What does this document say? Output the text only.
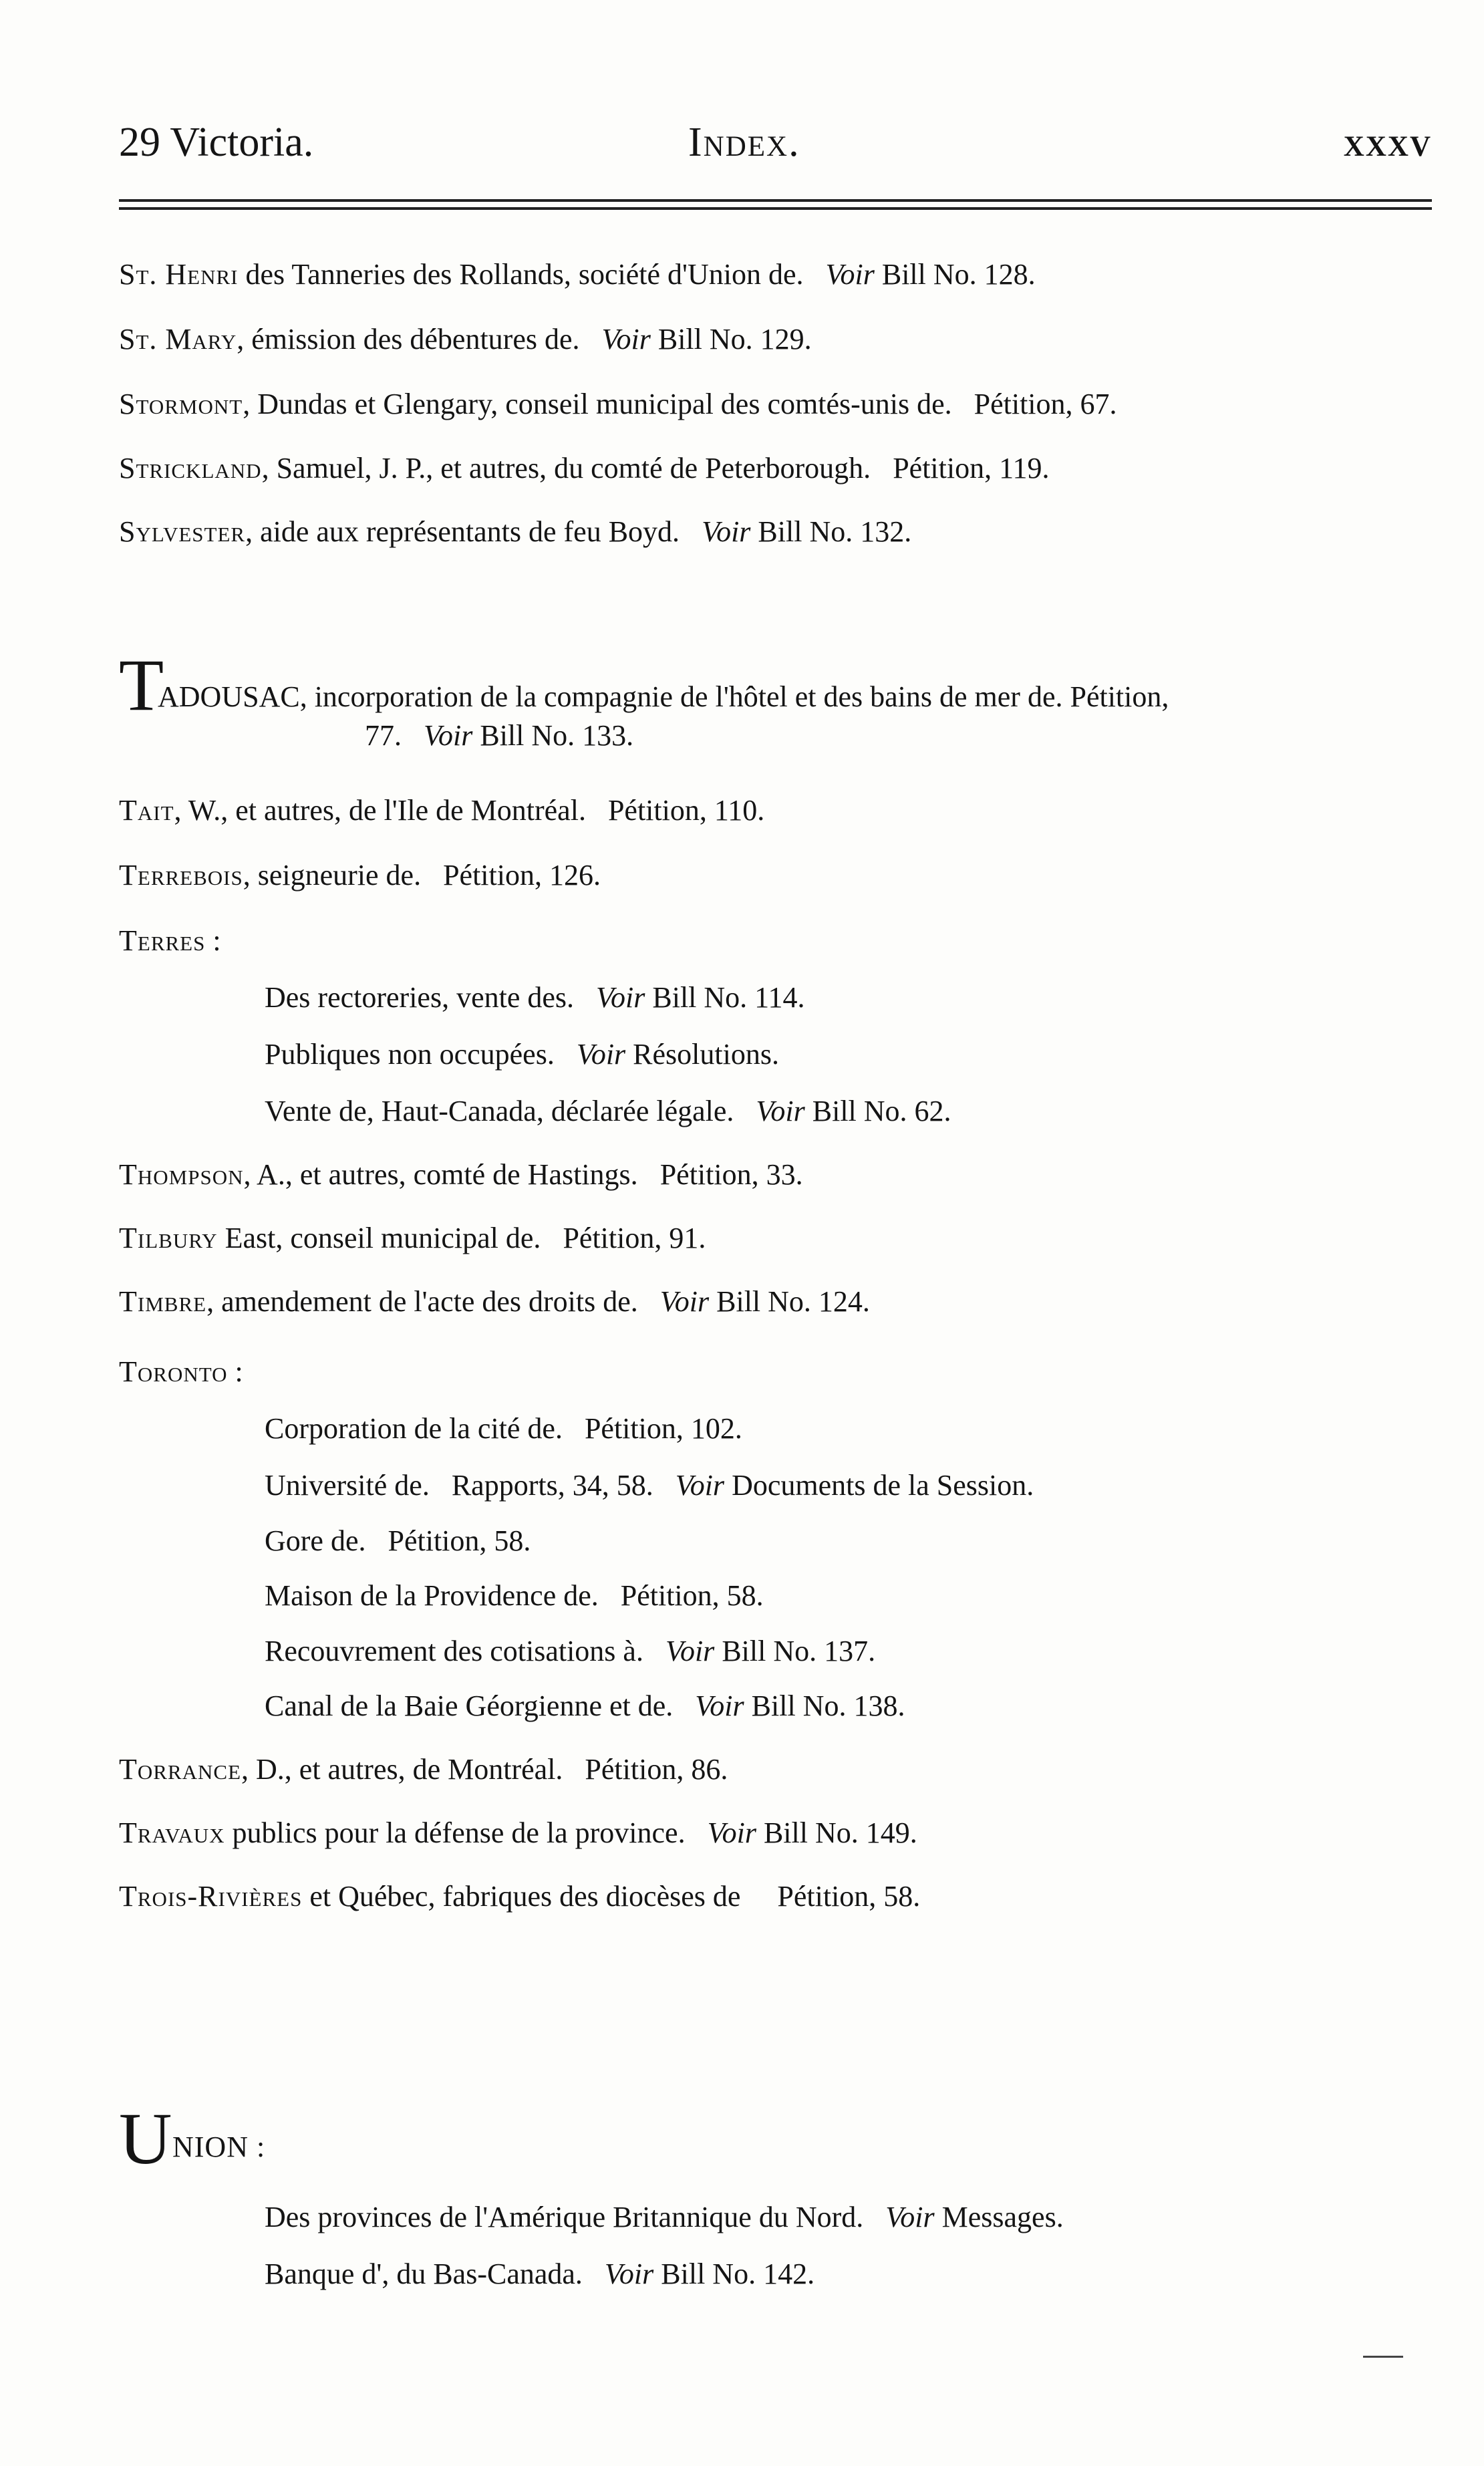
29 Victoria.	Index.	xxxv
St. Henri des Tanneries des Rollands, société d'Union de. Voir Bill No. 128.
St. Mary, émission des débentures de. Voir Bill No. 129.
Stormont, Dundas et Glengary, conseil municipal des comtés-unis de. Pétition, 67.
Strickland, Samuel, J. P., et autres, du comté de Peterborough. Pétition, 119.
Sylvester, aide aux représentants de feu Boyd. Voir Bill No. 132.
T
ADOUSAC, incorporation de la compagnie de l'hôtel et des bains de mer de. Pétition,
77. Voir Bill No. 133.
Tait, W., et autres, de l'Ile de Montréal. Pétition, 110.
Terrebois, seigneurie de. Pétition, 126.
Terres :
Des rectoreries, vente des. Voir Bill No. 114.
Publiques non occupées. Voir Résolutions.
Vente de, Haut-Canada, déclarée légale. Voir Bill No. 62.
Thompson, A., et autres, comté de Hastings. Pétition, 33.
Tilbury East, conseil municipal de. Pétition, 91.
Timbre, amendement de l'acte des droits de. Voir Bill No. 124.
Toronto :
Corporation de la cité de. Pétition, 102.
Université de. Rapports, 34, 58. Voir Documents de la Session.
Gore de. Pétition, 58.
Maison de la Providence de. Pétition, 58.
Recouvrement des cotisations à. Voir Bill No. 137.
Canal de la Baie Géorgienne et de. Voir Bill No. 138.
Torrance, D., et autres, de Montréal. Pétition, 86.
Travaux publics pour la défense de la province. Voir Bill No. 149.
Trois-Rivières et Québec, fabriques des diocèses de Pétition, 58.
U NION :
Des provinces de l'Amérique Britannique du Nord. Voir Messages.
Banque d', du Bas-Canada. Voir Bill No. 142.
